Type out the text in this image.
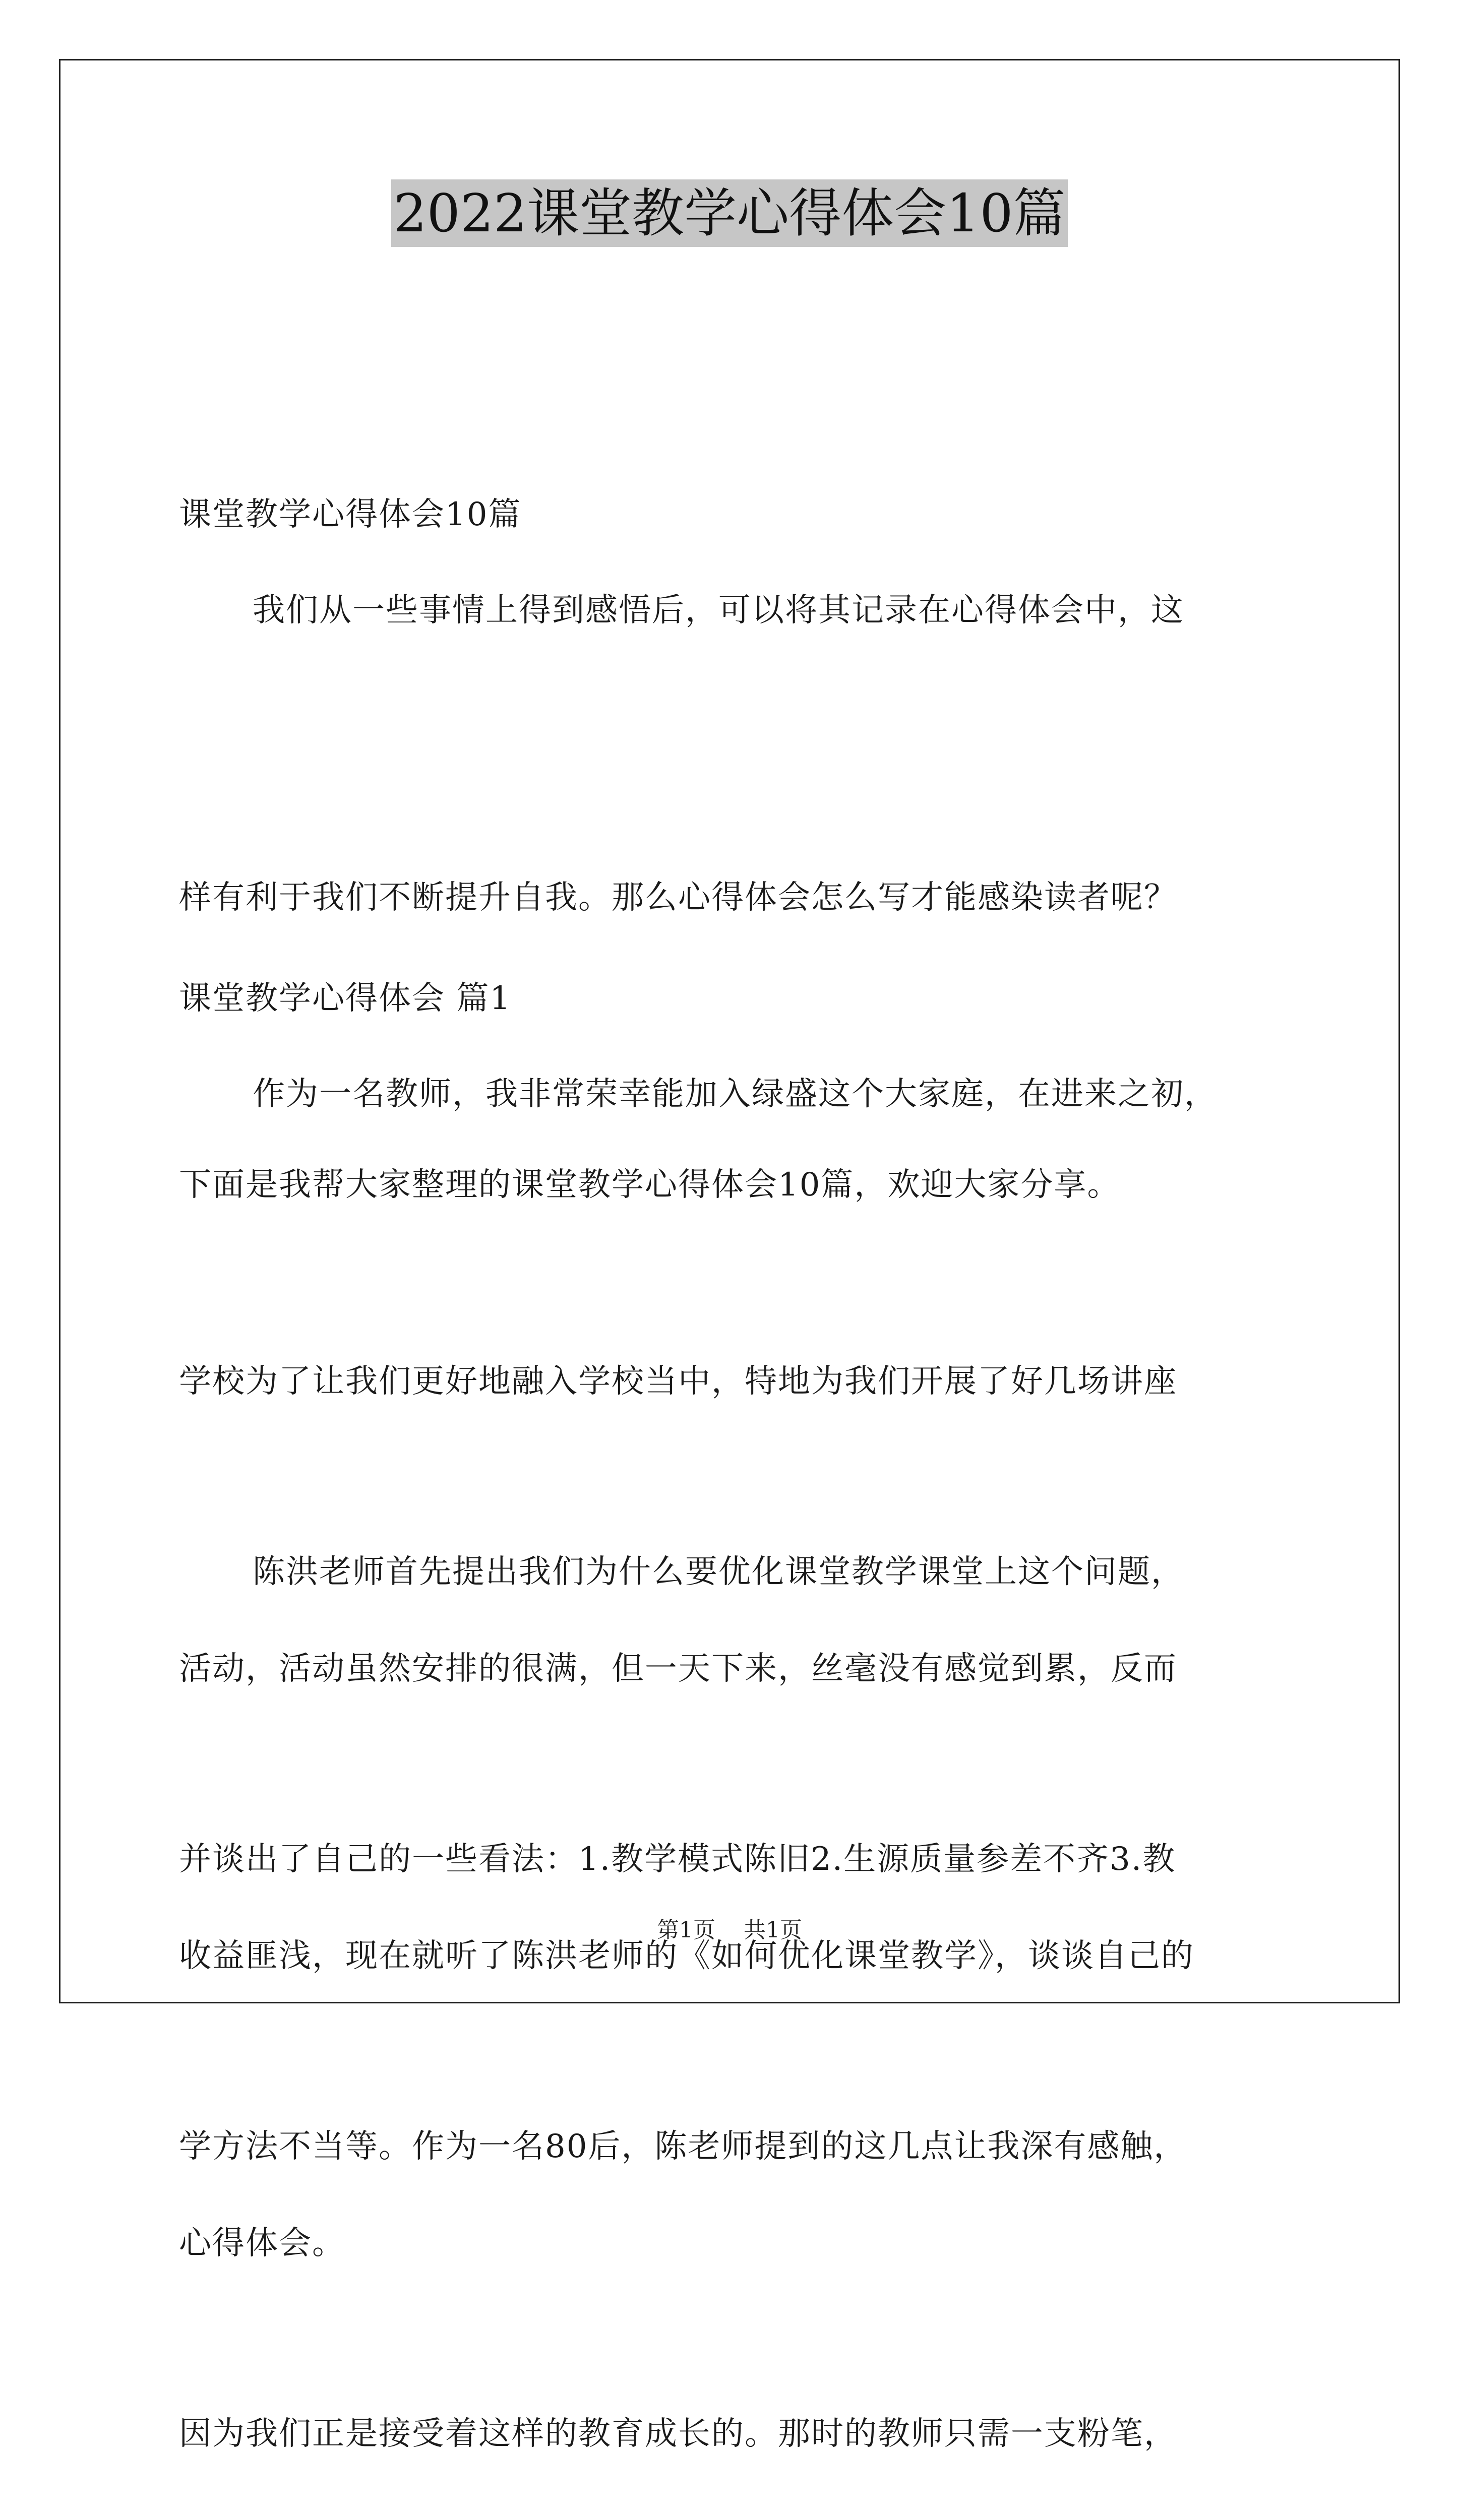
2022课堂教学心得体会10篇

课堂教学心得体会10篇

我们从一些事情上得到感悟后，可以将其记录在心得体会中，这

样有利于我们不断提升自我。那么心得体会怎么写才能感染读者呢？

下面是我帮大家整理的课堂教学心得体会10篇，欢迎大家分享。

课堂教学心得体会 篇1

作为一名教师，我非常荣幸能加入绿盛这个大家庭，在进来之初，

学校为了让我们更好地融入学校当中，特地为我们开展了好几场讲座

活动，活动虽然安排的很满，但一天下来，丝毫没有感觉到累，反而

收益匪浅，现在就听了陈洪老师的《如何优化课堂教学》，谈谈自己的

心得体会。

陈洪老师首先提出我们为什么要优化课堂教学课堂上这个问题，

并谈出了自己的一些看法：1.教学模式陈旧2.生源质量参差不齐3.教

学方法不当等。作为一名80后，陈老师提到的这几点让我深有感触，

因为我们正是接受着这样的教育成长的。那时的教师只需一支粉笔，

第1页 共1页
